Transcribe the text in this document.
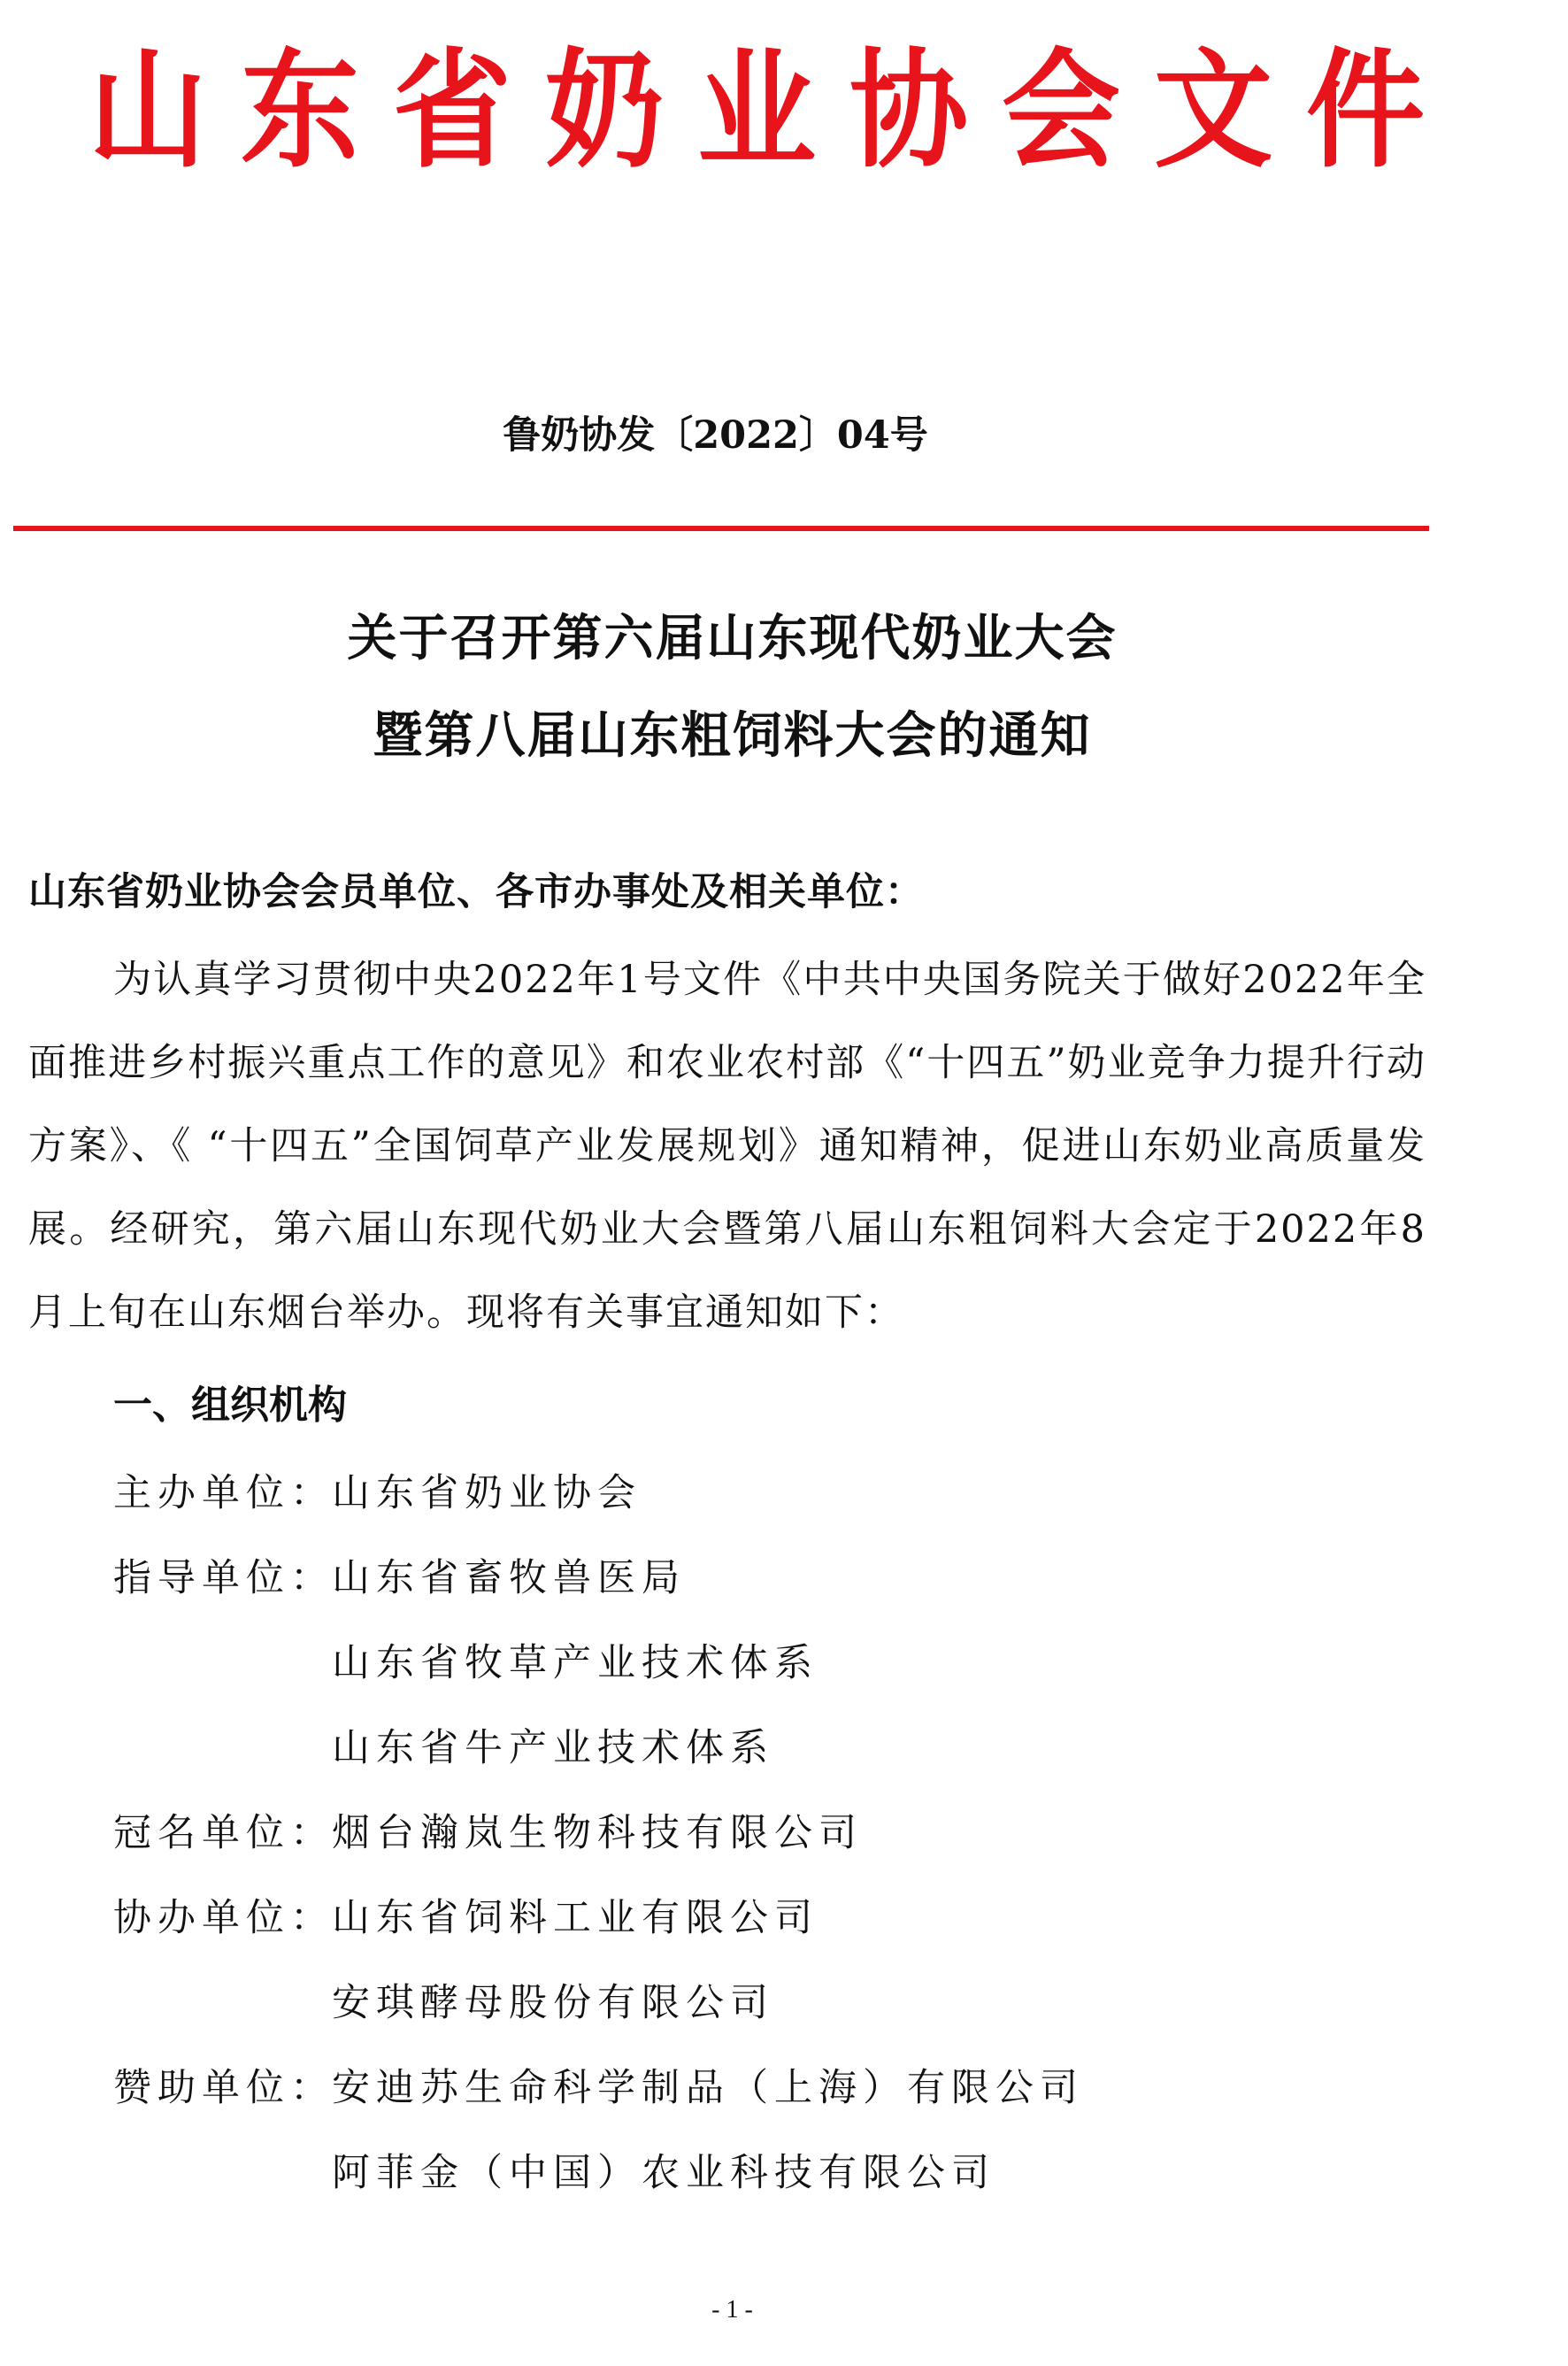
山东省奶业协会文件
鲁奶协发〔2022〕04号
关于召开第六届山东现代奶业大会
暨第八届山东粗饲料大会的通知
山东省奶业协会会员单位、各市办事处及相关单位：

为认真学习贯彻中央2022年1号文件《中共中央国务院关于做好2022年全面推进乡村振兴重点工作的意见》和农业农村部《“十四五”奶业竞争力提升行动方案》、《 “十四五”全国饲草产业发展规划》通知精神，促进山东奶业高质量发展。经研究，第六届山东现代奶业大会暨第八届山东粗饲料大会定于2022年8月上旬在山东烟台举办。现将有关事宜通知如下：

一、组织机构
主办单位：
山东省奶业协会
指导单位：
山东省畜牧兽医局
山东省牧草产业技术体系
山东省牛产业技术体系
冠名单位：
烟台瀚岚生物科技有限公司
协办单位：
山东省饲料工业有限公司
安琪酵母股份有限公司
赞助单位：
安迪苏生命科学制品（上海）有限公司
阿菲金（中国）农业科技有限公司
- 1 -
